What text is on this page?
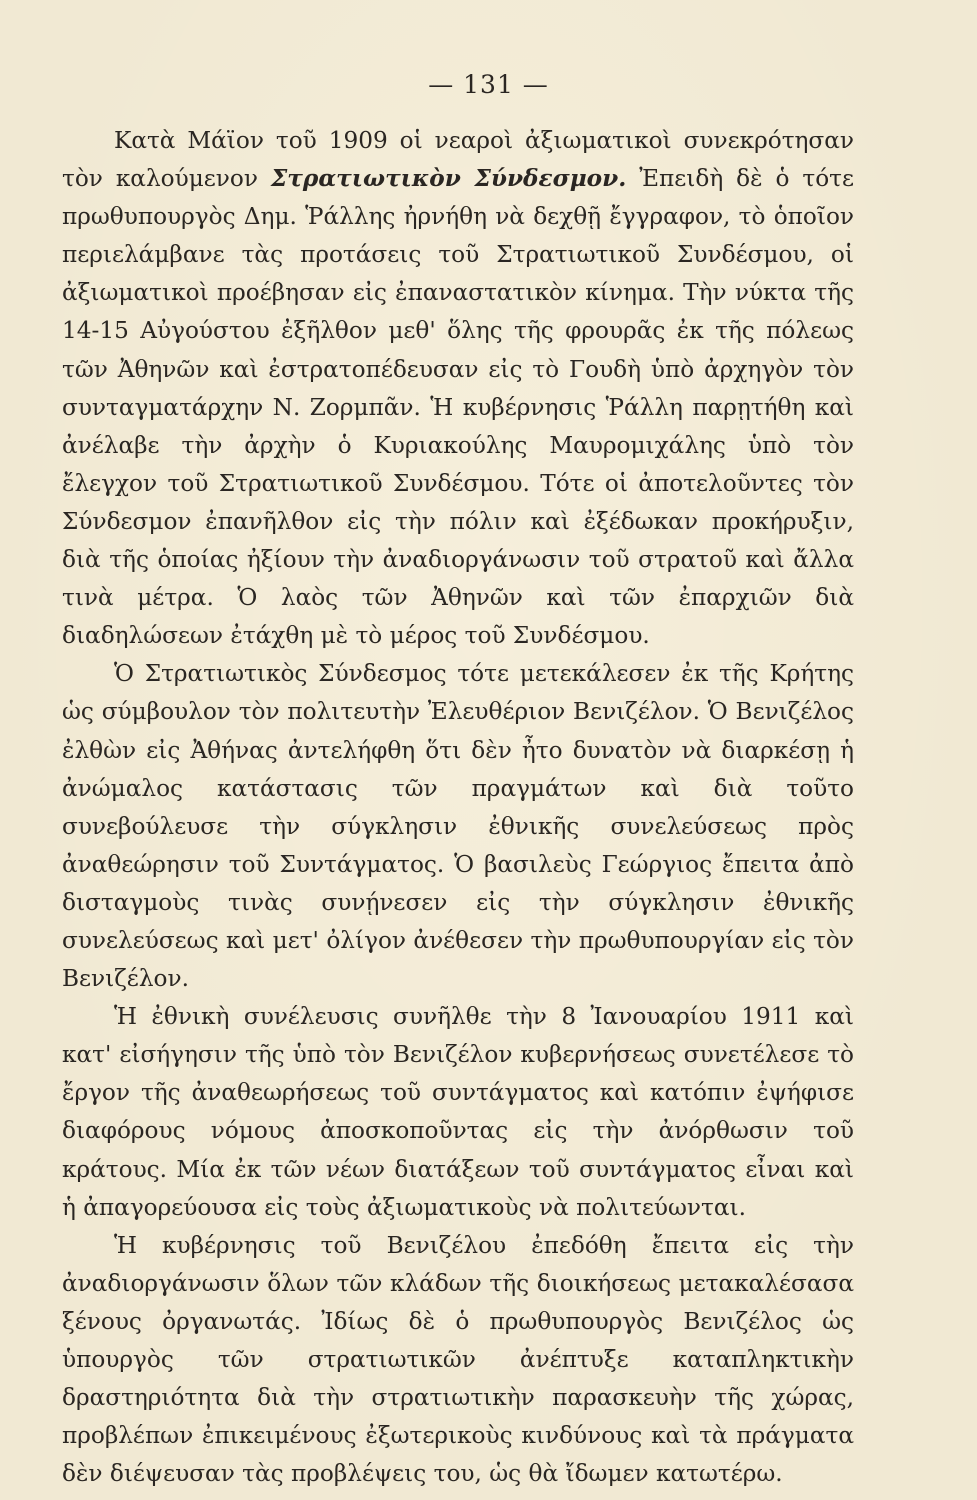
— 131 —

Κατὰ Μάϊον τοῦ 1909 οἱ νεαροὶ ἀξιωματικοὶ συνεκρότησαν τὸν καλούμενον Στρατιωτικὸν Σύνδεσμον. Ἐπειδὴ δὲ ὁ τότε πρωθυπουργὸς Δημ. Ῥάλλης ἠρνήθη νὰ δεχθῇ ἔγγραφον, τὸ ὁποῖον περιελάμβανε τὰς προτάσεις τοῦ Στρατιωτικοῦ Συνδέσμου, οἱ ἀξιωματικοὶ προέβησαν εἰς ἐπαναστατικὸν κίνημα. Τὴν νύκτα τῆς 14-15 Αὐγούστου ἐξῆλθον μεθ' ὅλης τῆς φρουρᾶς ἐκ τῆς πόλεως τῶν Ἀθηνῶν καὶ ἐστρατοπέδευσαν εἰς τὸ Γουδὴ ὑπὸ ἀρχηγὸν τὸν συνταγματάρχην Ν. Ζορμπᾶν. Ἡ κυβέρνησις Ῥάλλη παρῃτήθη καὶ ἀνέλαβε τὴν ἀρχὴν ὁ Κυριακούλης Μαυρομιχάλης ὑπὸ τὸν ἔλεγχον τοῦ Στρατιωτικοῦ Συνδέσμου. Τότε οἱ ἀποτελοῦντες τὸν Σύνδεσμον ἐπανῆλθον εἰς τὴν πόλιν καὶ ἐξέδωκαν προκήρυξιν, διὰ τῆς ὁποίας ἠξίουν τὴν ἀναδιοργάνωσιν τοῦ στρατοῦ καὶ ἄλλα τινὰ μέτρα. Ὁ λαὸς τῶν Ἀθηνῶν καὶ τῶν ἐπαρχιῶν διὰ διαδηλώσεων ἐτάχθη μὲ τὸ μέρος τοῦ Συνδέσμου.

Ὁ Στρατιωτικὸς Σύνδεσμος τότε μετεκάλεσεν ἐκ τῆς Κρήτης ὡς σύμβουλον τὸν πολιτευτὴν Ἐλευθέριον Βενιζέλον. Ὁ Βενιζέλος ἐλθὼν εἰς Ἀθήνας ἀντελήφθη ὅτι δὲν ἦτο δυνατὸν νὰ διαρκέσῃ ἡ ἀνώμαλος κατάστασις τῶν πραγμάτων καὶ διὰ τοῦτο συνεβούλευσε τὴν σύγκλησιν ἐθνικῆς συνελεύσεως πρὸς ἀναθεώρησιν τοῦ Συντάγματος. Ὁ βασιλεὺς Γεώργιος ἔπειτα ἀπὸ δισταγμοὺς τινὰς συνῄνεσεν εἰς τὴν σύγκλησιν ἐθνικῆς συνελεύσεως καὶ μετ' ὀλίγον ἀνέθεσεν τὴν πρωθυπουργίαν εἰς τὸν Βενιζέλον.

Ἡ ἐθνικὴ συνέλευσις συνῆλθε τὴν 8 Ἰανουαρίου 1911 καὶ κατ' εἰσήγησιν τῆς ὑπὸ τὸν Βενιζέλον κυβερνήσεως συνετέλεσε τὸ ἔργον τῆς ἀναθεωρήσεως τοῦ συντάγματος καὶ κατόπιν ἐψήφισε διαφόρους νόμους ἀποσκοποῦντας εἰς τὴν ἀνόρθωσιν τοῦ κράτους. Μία ἐκ τῶν νέων διατάξεων τοῦ συντάγματος εἶναι καὶ ἡ ἀπαγορεύουσα εἰς τοὺς ἀξιωματικοὺς νὰ πολιτεύωνται.

Ἡ κυβέρνησις τοῦ Βενιζέλου ἐπεδόθη ἔπειτα εἰς τὴν ἀναδιοργάνωσιν ὅλων τῶν κλάδων τῆς διοικήσεως μετακαλέσασα ξένους ὀργανωτάς. Ἰδίως δὲ ὁ πρωθυπουργὸς Βενιζέλος ὡς ὑπουργὸς τῶν στρατιωτικῶν ἀνέπτυξε καταπληκτικὴν δραστηριότητα διὰ τὴν στρατιωτικὴν παρασκευὴν τῆς χώρας, προβλέπων ἐπικειμένους ἐξωτερικοὺς κινδύνους καὶ τὰ πράγματα δὲν διέψευσαν τὰς προβλέψεις του, ὡς θὰ ἴδωμεν κατωτέρω.
